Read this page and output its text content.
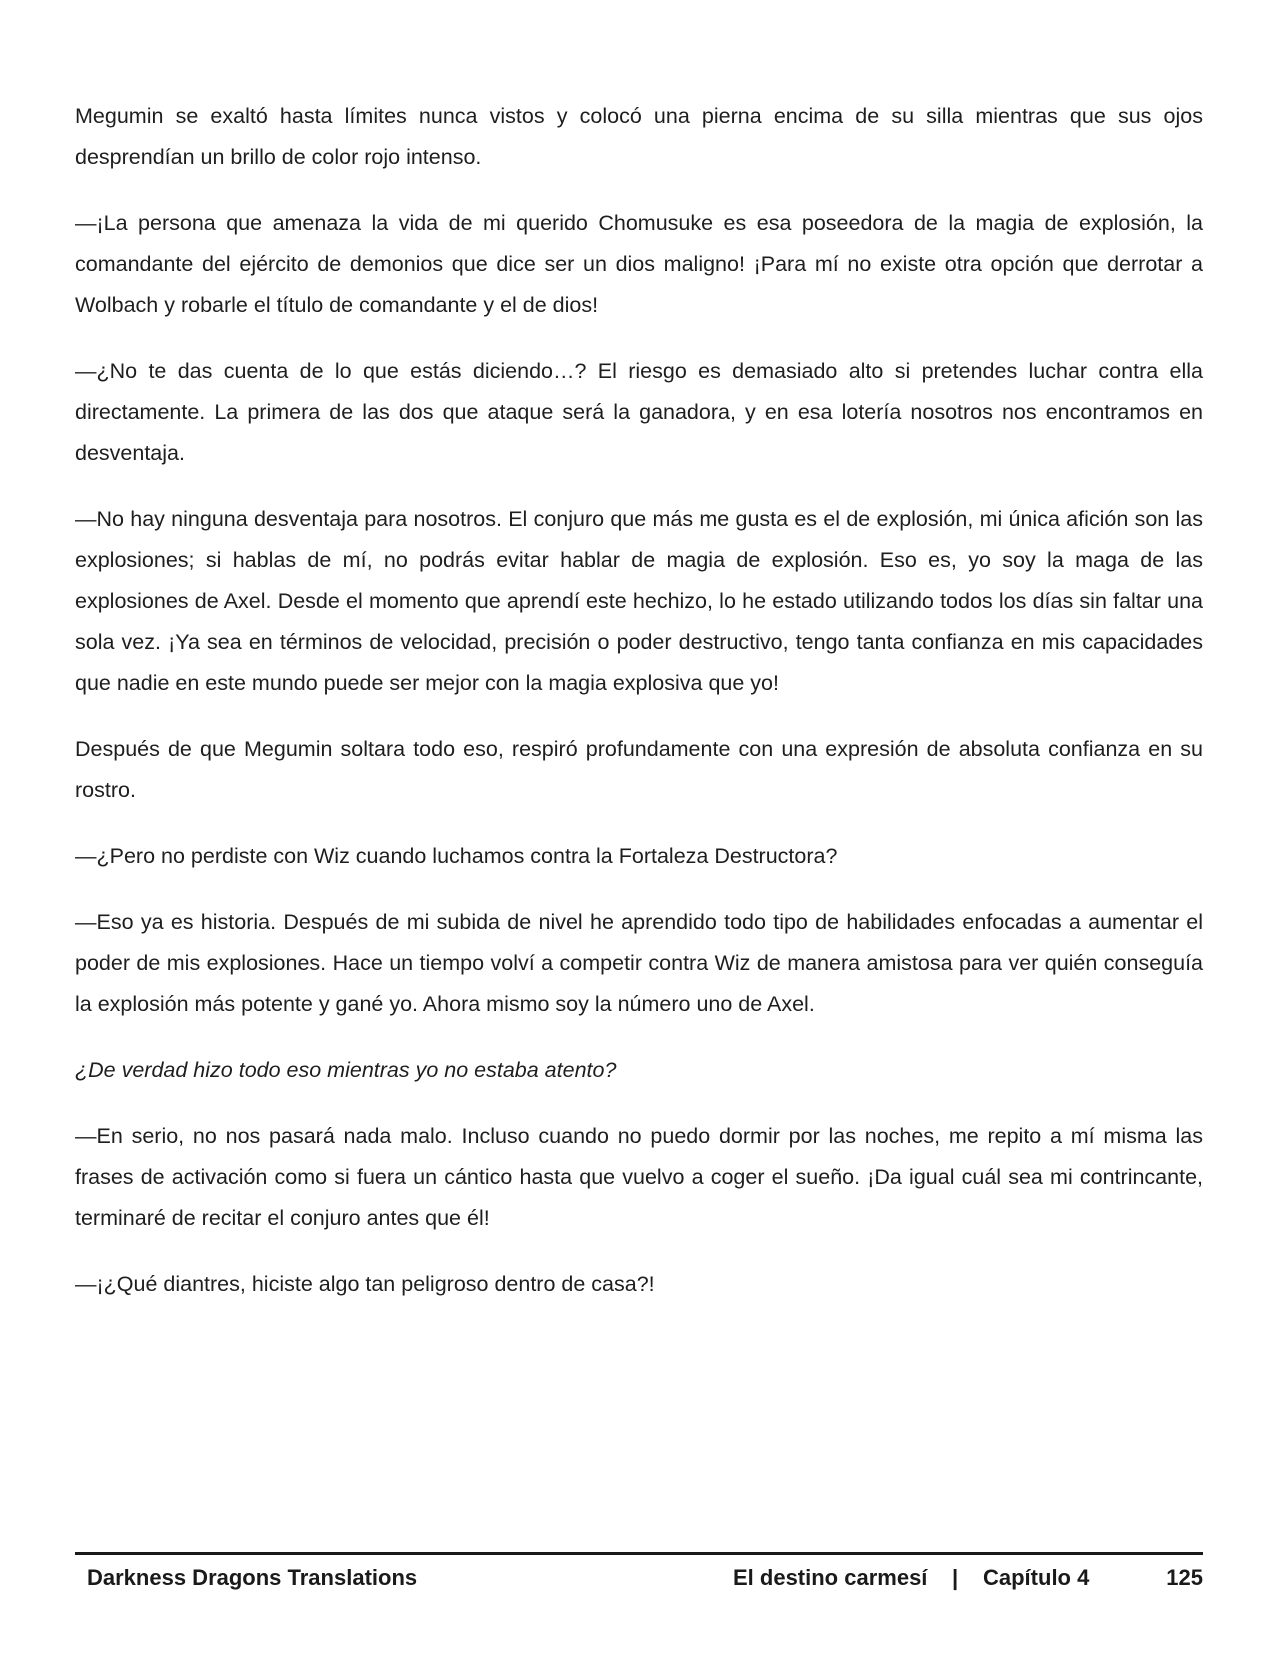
Megumin se exaltó hasta límites nunca vistos y colocó una pierna encima de su silla mientras que sus ojos desprendían un brillo de color rojo intenso.

—¡La persona que amenaza la vida de mi querido Chomusuke es esa poseedora de la magia de explosión, la comandante del ejército de demonios que dice ser un dios maligno! ¡Para mí no existe otra opción que derrotar a Wolbach y robarle el título de comandante y el de dios!

—¿No te das cuenta de lo que estás diciendo…? El riesgo es demasiado alto si pretendes luchar contra ella directamente. La primera de las dos que ataque será la ganadora, y en esa lotería nosotros nos encontramos en desventaja.

—No hay ninguna desventaja para nosotros. El conjuro que más me gusta es el de explosión, mi única afición son las explosiones; si hablas de mí, no podrás evitar hablar de magia de explosión. Eso es, yo soy la maga de las explosiones de Axel. Desde el momento que aprendí este hechizo, lo he estado utilizando todos los días sin faltar una sola vez. ¡Ya sea en términos de velocidad, precisión o poder destructivo, tengo tanta confianza en mis capacidades que nadie en este mundo puede ser mejor con la magia explosiva que yo!

Después de que Megumin soltara todo eso, respiró profundamente con una expresión de absoluta confianza en su rostro.

—¿Pero no perdiste con Wiz cuando luchamos contra la Fortaleza Destructora?

—Eso ya es historia. Después de mi subida de nivel he aprendido todo tipo de habilidades enfocadas a aumentar el poder de mis explosiones. Hace un tiempo volví a competir contra Wiz de manera amistosa para ver quién conseguía la explosión más potente y gané yo. Ahora mismo soy la número uno de Axel.

¿De verdad hizo todo eso mientras yo no estaba atento?

—En serio, no nos pasará nada malo. Incluso cuando no puedo dormir por las noches, me repito a mí misma las frases de activación como si fuera un cántico hasta que vuelvo a coger el sueño. ¡Da igual cuál sea mi contrincante, terminaré de recitar el conjuro antes que él!

—¡¿Qué diantres, hiciste algo tan peligroso dentro de casa?!

Darkness Dragons Translations	El destino carmesí | Capítulo 4	125
